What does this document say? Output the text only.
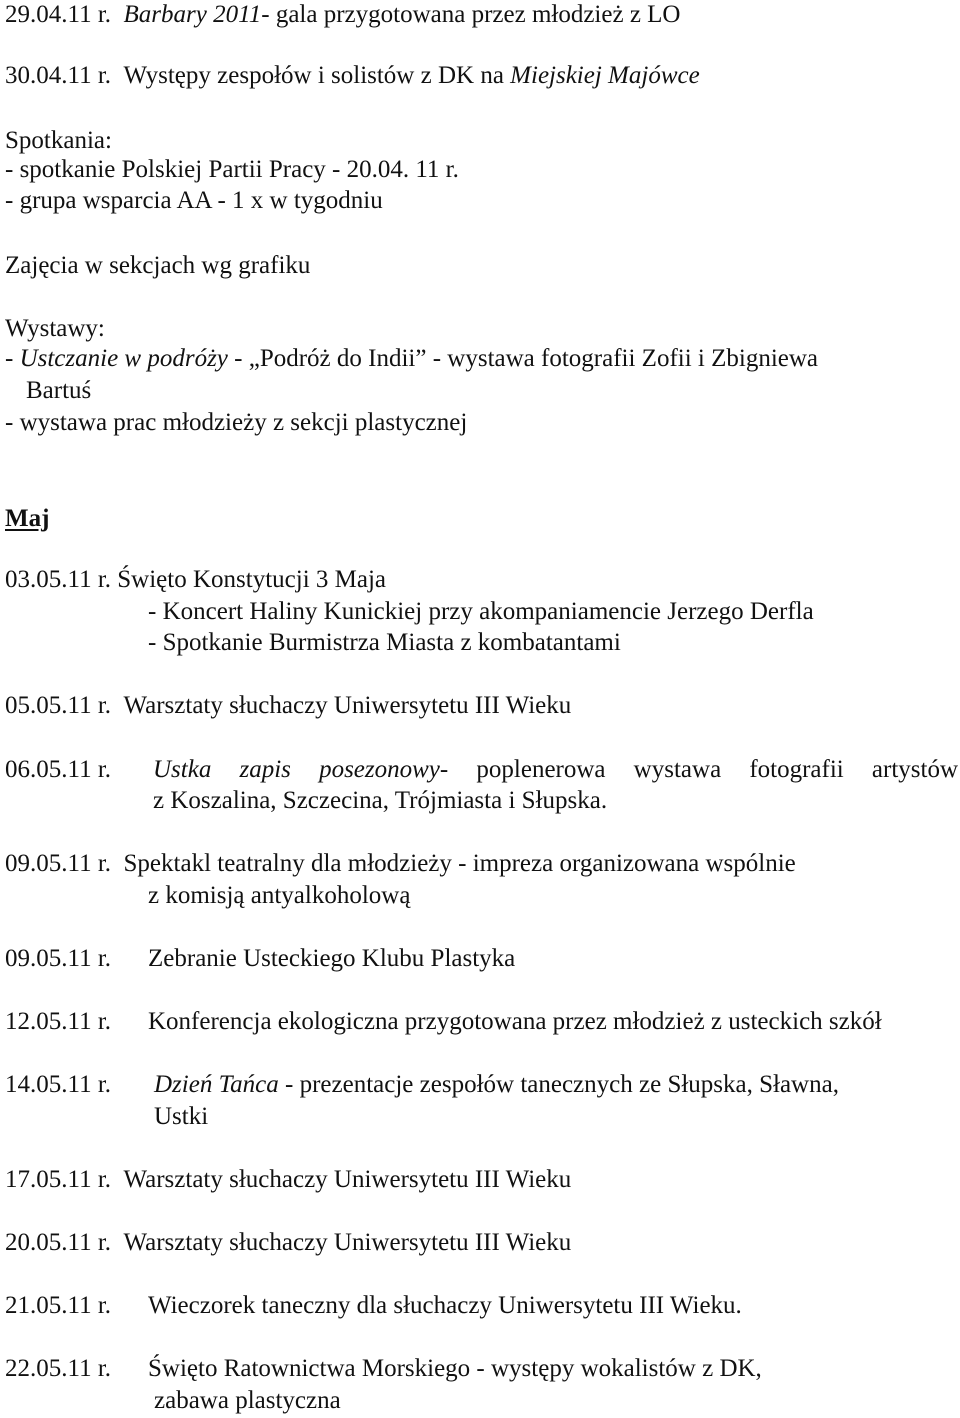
29.04.11 r. Barbary 2011- gala przygotowana przez młodzież z LO
30.04.11 r. Występy zespołów i solistów z DK na Miejskiej Majówce
Spotkania:
- spotkanie Polskiej Partii Pracy - 20.04. 11 r.
- grupa wsparcia AA - 1 x w tygodniu
Zajęcia w sekcjach wg grafiku
Wystawy:
- Ustczanie w podróży - „Podróż do Indii” - wystawa fotografii Zofii i Zbigniewa
Bartuś
- wystawa prac młodzieży z sekcji plastycznej
Maj
03.05.11 r. Święto Konstytucji 3 Maja
- Koncert Haliny Kunickiej przy akompaniamencie Jerzego Derfla
- Spotkanie Burmistrza Miasta z kombatantami
05.05.11 r. Warsztaty słuchaczy Uniwersytetu III Wieku
06.05.11 r. Ustka zapis posezonowy- poplenerowa wystawa fotografii artystów
z Koszalina, Szczecina, Trójmiasta i Słupska.
09.05.11 r. Spektakl teatralny dla młodzieży - impreza organizowana wspólnie
z komisją antyalkoholową
09.05.11 r. Zebranie Usteckiego Klubu Plastyka
12.05.11 r. Konferencja ekologiczna przygotowana przez młodzież z usteckich szkół
14.05.11 r. Dzień Tańca - prezentacje zespołów tanecznych ze Słupska, Sławna,
Ustki
17.05.11 r. Warsztaty słuchaczy Uniwersytetu III Wieku
20.05.11 r. Warsztaty słuchaczy Uniwersytetu III Wieku
21.05.11 r. Wieczorek taneczny dla słuchaczy Uniwersytetu III Wieku.
22.05.11 r. Święto Ratownictwa Morskiego - występy wokalistów z DK,
zabawa plastyczna
